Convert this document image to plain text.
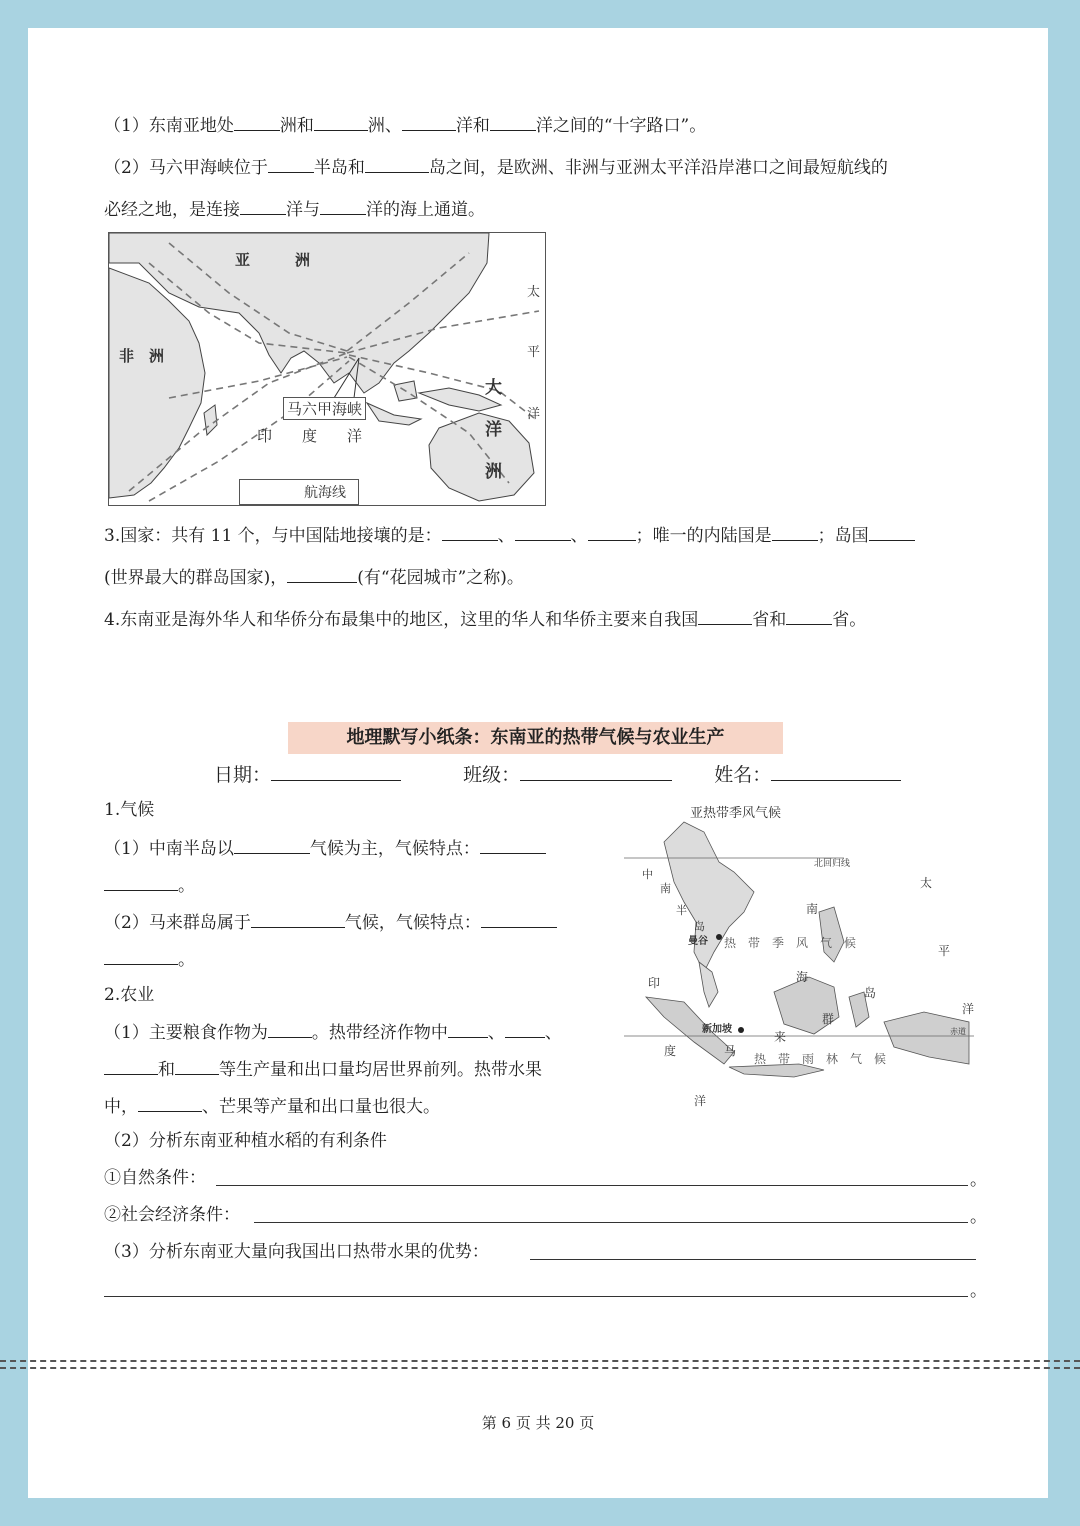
（1）东南亚地处	洲和	洲、	洋和	洋之间的“十字路口”。
（2）马六甲海峡位于	半岛和	岛之间，是欧洲、非洲与亚洲太平洋沿岸港口之间最短航线的
必经之地，是连接	洋与	洋的海上通道。
亚　　　洲
非　洲
马六甲海峡
印　　度　　洋
太
平
洋
大
洋
洲
航海线
3.国家：共有 11 个，与中国陆地接壤的是：	、	、	；唯一的内陆国是	；岛国
(世界最大的群岛国家)，	(有“花园城市”之称)。
4.东南亚是海外华人和华侨分布最集中的地区，这里的华人和华侨主要来自我国	省和	省。
地理默写小纸条：东南亚的热带气候与农业生产
日期：	班级：	姓名：
1.气候
（1）中南半岛以	气候为主，气候特点：
。
（2）马来群岛属于	气候，气候特点：
。
2.农业
（1）主要粮食作物为	。热带经济作物中 、 、
和	等生产量和出口量均居世界前列。热带水果
中，	、芒果等产量和出口量也很大。
（2）分析东南亚种植水稻的有利条件
①自然条件：	。
②社会经济条件：	。
（3）分析东南亚大量向我国出口热带水果的优势：
。
亚热带季风气候
北回归线
中
南
半
岛
曼谷 热　带　季　风　气　候
南
海
群
岛
新加坡	赤道
热　带　雨　林　气　候
马
来
太
平
洋
印
度
洋
第 6 页 共 20 页
